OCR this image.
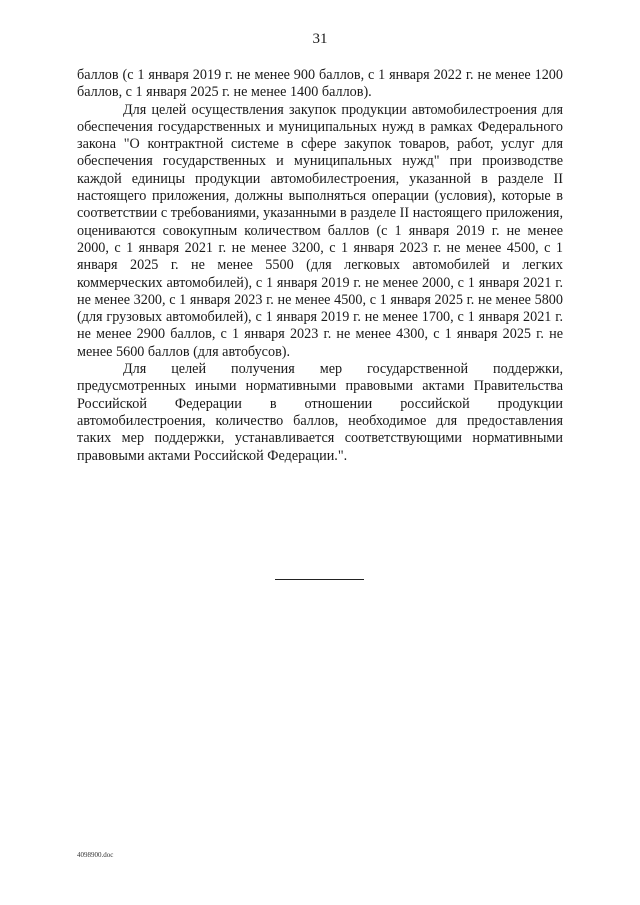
31

баллов (с 1 января 2019 г. не менее 900 баллов, с 1 января 2022 г. не менее 1200 баллов, с 1 января 2025 г. не менее 1400 баллов).

Для целей осуществления закупок продукции автомобилестроения для обеспечения государственных и муниципальных нужд в рамках Федерального закона "О контрактной системе в сфере закупок товаров, работ, услуг для обеспечения государственных и муниципальных нужд" при производстве каждой единицы продукции автомобилестроения, указанной в разделе II настоящего приложения, должны выполняться операции (условия), которые в соответствии с требованиями, указанными в разделе II настоящего приложения, оцениваются совокупным количеством баллов (с 1 января 2019 г. не менее 2000, с 1 января 2021 г. не менее 3200, с 1 января 2023 г. не менее 4500, с 1 января 2025 г. не менее 5500 (для легковых автомобилей и легких коммерческих автомобилей), с 1 января 2019 г. не менее 2000, с 1 января 2021 г. не менее 3200, с 1 января 2023 г. не менее 4500, с 1 января 2025 г. не менее 5800 (для грузовых автомобилей), с 1 января 2019 г. не менее 1700, с 1 января 2021 г. не менее 2900 баллов, с 1 января 2023 г. не менее 4300, с 1 января 2025 г. не менее 5600 баллов (для автобусов).

Для целей получения мер государственной поддержки, предусмотренных иными нормативными правовыми актами Правительства Российской Федерации в отношении российской продукции автомобилестроения, количество баллов, необходимое для предоставления таких мер поддержки, устанавливается соответствующими нормативными правовыми актами Российской Федерации.".

4098900.doc
